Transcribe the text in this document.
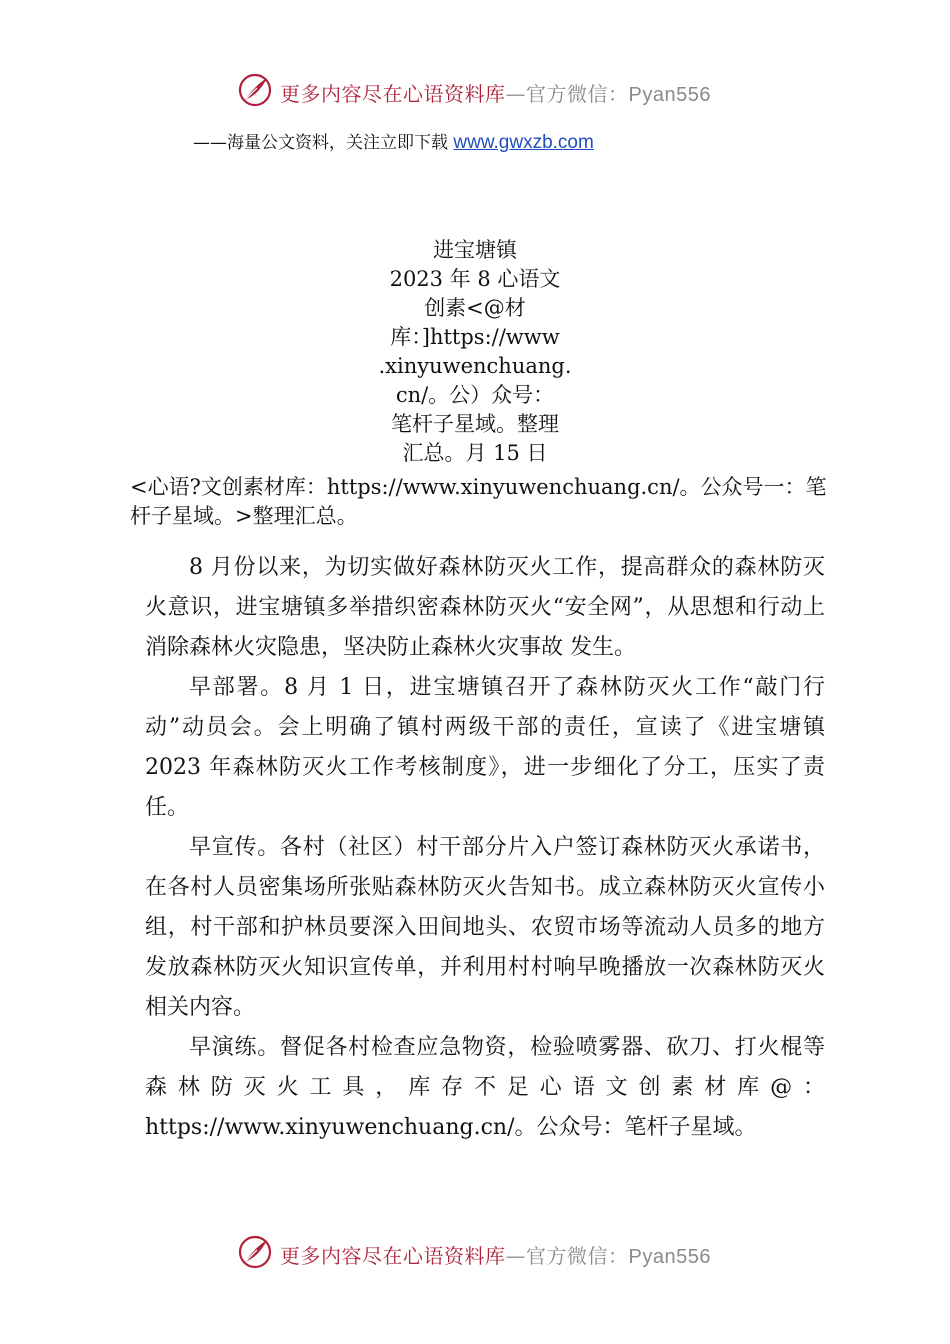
更多内容尽在心语资料库—官方微信：Pyan556
——海量公文资料，关注立即下载 www.gwxzb.com
进宝塘镇
2023 年 8 心语文
创素<@材
库：]https://www
.xinyuwenchuang.
cn/。公）众号：
笔杆子星域。整理
汇总。月 15 日
<心语?文创素材库：https://www.xinyuwenchuang.cn/。公众号一：笔杆子星域。>整理汇总。

8 月份以来，为切实做好森林防灭火工作，提高群众的森林防灭火意识，进宝塘镇多举措织密森林防灭火“安全网”，从思想和行动上消除森林火灾隐患，坚决防止森林火灾事故 发生。

早部署。8 月 1 日，进宝塘镇召开了森林防灭火工作“敲门行动”动员会。会上明确了镇村两级干部的责任，宣读了《进宝塘镇 2023 年森林防灭火工作考核制度》，进一步细化了分工，压实了责任。

早宣传。各村（社区）村干部分片入户签订森林防灭火承诺书，在各村人员密集场所张贴森林防灭火告知书。成立森林防灭火宣传小组，村干部和护林员要深入田间地头、农贸市场等流动人员多的地方发放森林防灭火知识宣传单，并利用村村响早晚播放一次森林防灭火相关内容。

早演练。督促各村检查应急物资，检验喷雾器、砍刀、打火棍等森林防灭火工具，库存不足心语文创素材库@：https://www.xinyuwenchuang.cn/。公众号：笔杆子星域。

更多内容尽在心语资料库—官方微信：Pyan556
